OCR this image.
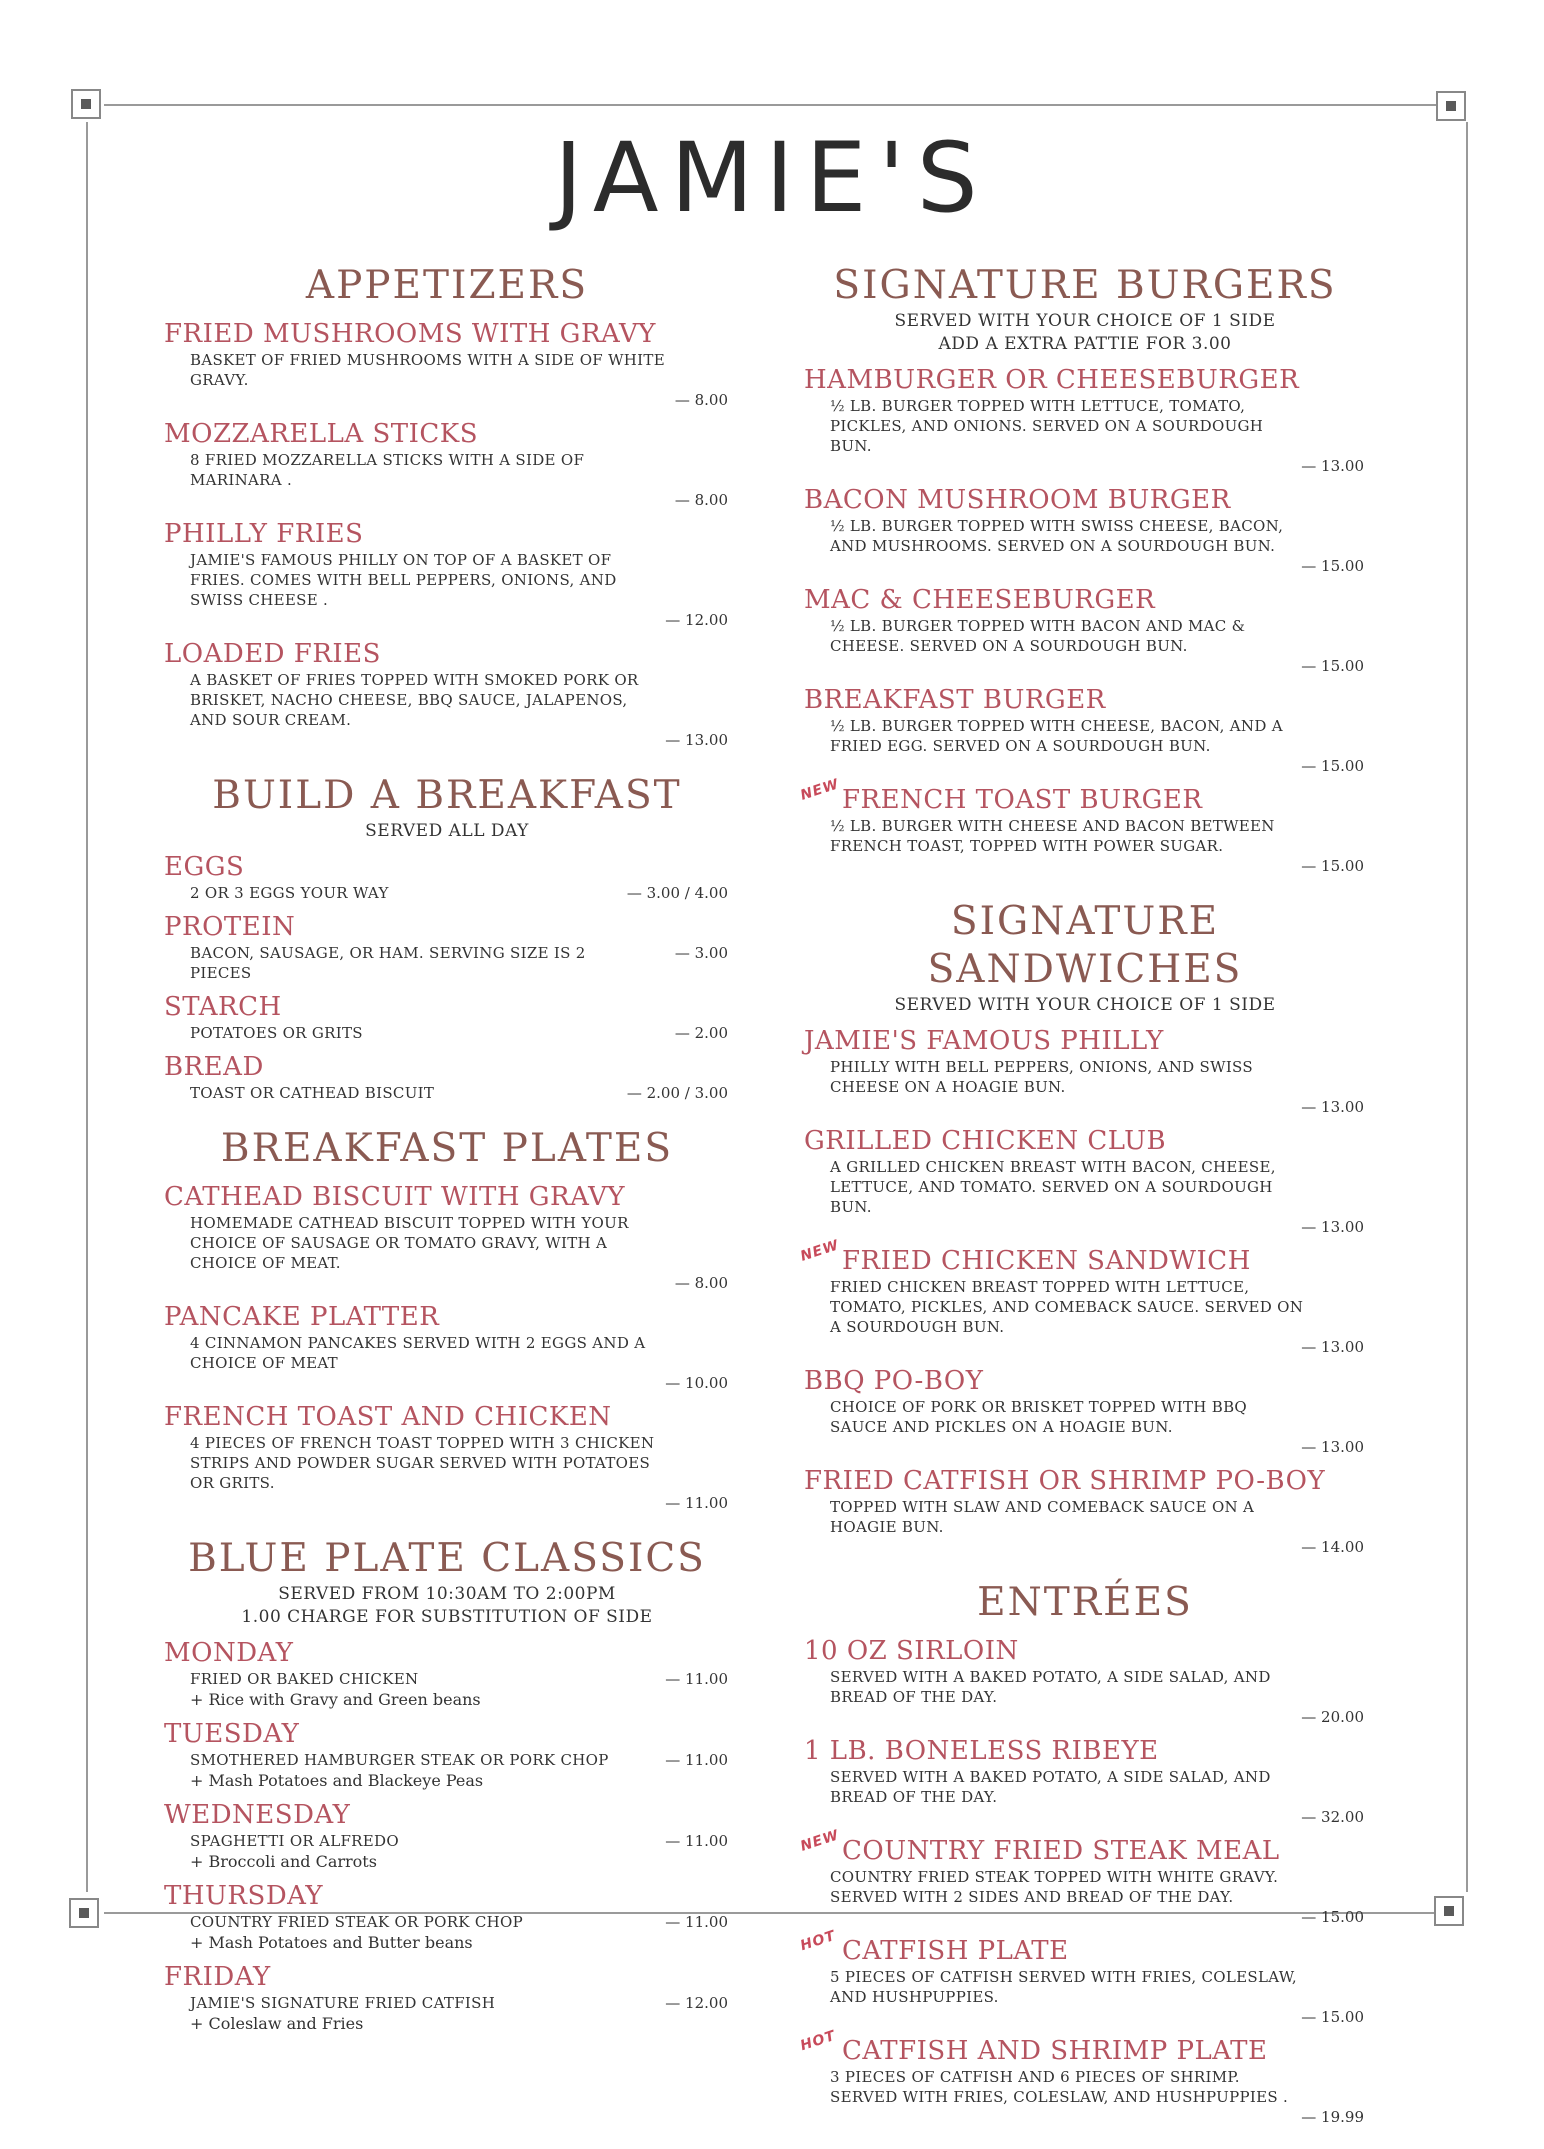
JAMIE'S
APPETIZERS
FRIED MUSHROOMS WITH GRAVY
BASKET OF FRIED MUSHROOMS WITH A SIDE OF WHITE GRAVY.
— 8.00
MOZZARELLA STICKS
8 FRIED MOZZARELLA STICKS WITH A SIDE OF MARINARA .
— 8.00
PHILLY FRIES
JAMIE'S FAMOUS PHILLY ON TOP OF A BASKET OF FRIES. COMES WITH BELL PEPPERS, ONIONS, AND SWISS CHEESE .
— 12.00
LOADED FRIES
A BASKET OF FRIES TOPPED WITH SMOKED PORK OR BRISKET, NACHO CHEESE, BBQ SAUCE, JALAPENOS, AND SOUR CREAM.
— 13.00
BUILD A BREAKFAST
SERVED ALL DAY
EGGS
2 OR 3 EGGS YOUR WAY	— 3.00 / 4.00
PROTEIN
BACON, SAUSAGE, OR HAM. SERVING SIZE IS 2 PIECES
— 3.00
STARCH
POTATOES OR GRITS	— 2.00
BREAD
TOAST OR CATHEAD BISCUIT	— 2.00 / 3.00
BREAKFAST PLATES
CATHEAD BISCUIT WITH GRAVY
HOMEMADE CATHEAD BISCUIT TOPPED WITH YOUR CHOICE OF SAUSAGE OR TOMATO GRAVY, WITH A CHOICE OF MEAT.
— 8.00
PANCAKE PLATTER
4 CINNAMON PANCAKES SERVED WITH 2 EGGS AND A CHOICE OF MEAT
— 10.00
FRENCH TOAST AND CHICKEN
4 PIECES OF FRENCH TOAST TOPPED WITH 3 CHICKEN STRIPS AND POWDER SUGAR SERVED WITH POTATOES OR GRITS.
— 11.00
BLUE PLATE CLASSICS
SERVED FROM 10:30AM TO 2:00PM
1.00 CHARGE FOR SUBSTITUTION OF SIDE
MONDAY
FRIED OR BAKED CHICKEN
+ Rice with Gravy and Green beans
— 11.00
TUESDAY
SMOTHERED HAMBURGER STEAK OR PORK CHOP
+ Mash Potatoes and Blackeye Peas
— 11.00
WEDNESDAY
SPAGHETTI OR ALFREDO
+ Broccoli and Carrots
— 11.00
THURSDAY
COUNTRY FRIED STEAK OR PORK CHOP
+ Mash Potatoes and Butter beans
— 11.00
FRIDAY
JAMIE'S SIGNATURE FRIED CATFISH
+ Coleslaw and Fries
— 12.00
SIGNATURE BURGERS
SERVED WITH YOUR CHOICE OF 1 SIDE
ADD A EXTRA PATTIE FOR 3.00
HAMBURGER OR CHEESEBURGER
½ LB. BURGER TOPPED WITH LETTUCE, TOMATO, PICKLES, AND ONIONS. SERVED ON A SOURDOUGH BUN.
— 13.00
BACON MUSHROOM BURGER
½ LB. BURGER TOPPED WITH SWISS CHEESE, BACON, AND MUSHROOMS. SERVED ON A SOURDOUGH BUN.
— 15.00
MAC & CHEESEBURGER
½ LB. BURGER TOPPED WITH BACON AND MAC & CHEESE. SERVED ON A SOURDOUGH BUN.
— 15.00
BREAKFAST BURGER
½ LB. BURGER TOPPED WITH CHEESE, BACON, AND A FRIED EGG. SERVED ON A SOURDOUGH BUN.
— 15.00
NEW FRENCH TOAST BURGER
½ LB. BURGER WITH CHEESE AND BACON BETWEEN FRENCH TOAST, TOPPED WITH POWER SUGAR.
— 15.00
SIGNATURE SANDWICHES
SERVED WITH YOUR CHOICE OF 1 SIDE
JAMIE'S FAMOUS PHILLY
PHILLY WITH BELL PEPPERS, ONIONS, AND SWISS CHEESE ON A HOAGIE BUN.
— 13.00
GRILLED CHICKEN CLUB
A GRILLED CHICKEN BREAST WITH BACON, CHEESE, LETTUCE, AND TOMATO. SERVED ON A SOURDOUGH BUN.
— 13.00
NEW FRIED CHICKEN SANDWICH
FRIED CHICKEN BREAST TOPPED WITH LETTUCE, TOMATO, PICKLES, AND COMEBACK SAUCE. SERVED ON A SOURDOUGH BUN.
— 13.00
BBQ PO-BOY
CHOICE OF PORK OR BRISKET TOPPED WITH BBQ SAUCE AND PICKLES ON A HOAGIE BUN.
— 13.00
FRIED CATFISH OR SHRIMP PO-BOY
TOPPED WITH SLAW AND COMEBACK SAUCE ON A HOAGIE BUN.
— 14.00
ENTRÉES
10 OZ SIRLOIN
SERVED WITH A BAKED POTATO, A SIDE SALAD, AND BREAD OF THE DAY.
— 20.00
1 LB. BONELESS RIBEYE
SERVED WITH A BAKED POTATO, A SIDE SALAD, AND BREAD OF THE DAY.
— 32.00
NEW COUNTRY FRIED STEAK MEAL
COUNTRY FRIED STEAK TOPPED WITH WHITE GRAVY. SERVED WITH 2 SIDES AND BREAD OF THE DAY.
— 15.00
HOT CATFISH PLATE
5 PIECES OF CATFISH SERVED WITH FRIES, COLESLAW, AND HUSHPUPPIES.
— 15.00
HOT CATFISH AND SHRIMP PLATE
3 PIECES OF CATFISH AND 6 PIECES OF SHRIMP. SERVED WITH FRIES, COLESLAW, AND HUSHPUPPIES .
— 19.99
